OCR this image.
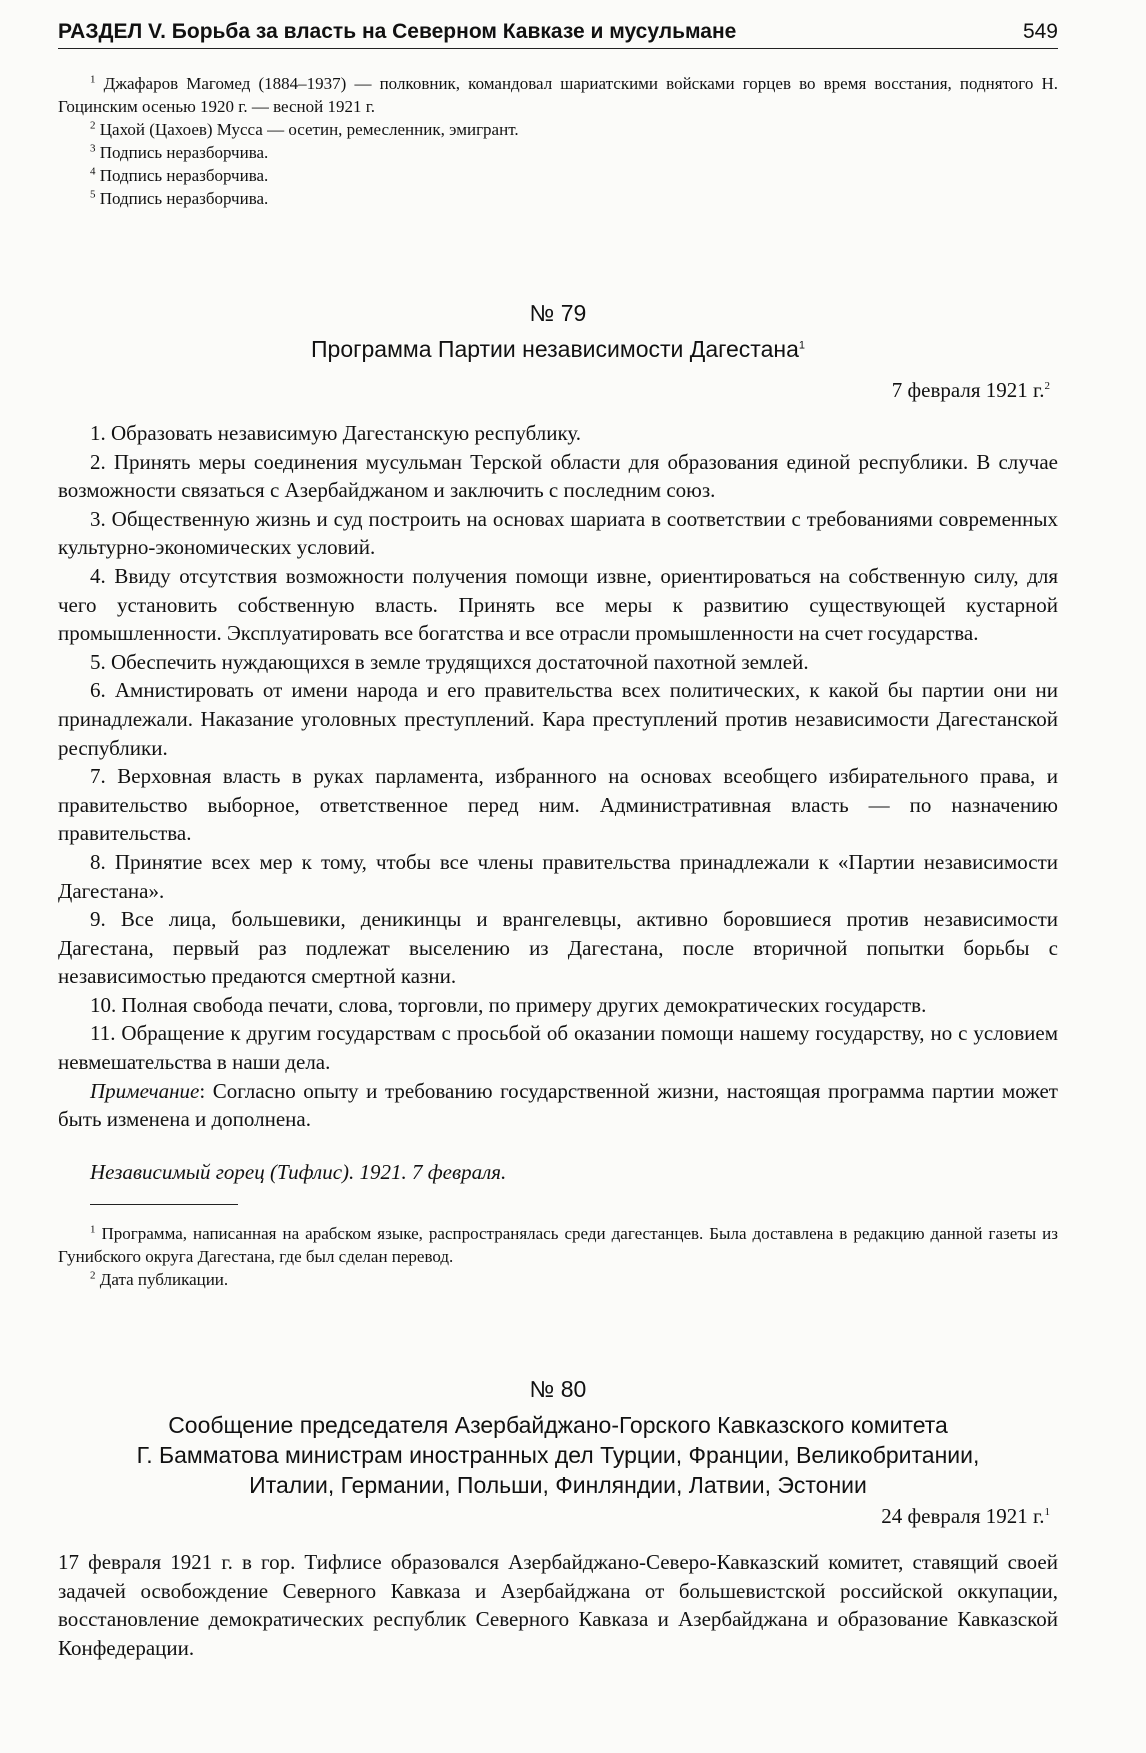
РАЗДЕЛ V. Борьба за власть на Северном Кавказе и мусульмане	549

$^1$ Джафаров Магомед (1884–1937) — полковник, командовал шариатскими войсками горцев во время восстания, поднятого Н. Гоцинским осенью 1920 г. — весной 1921 г.

$^2$ Цахой (Цахоев) Мусса — осетин, ремесленник, эмигрант.

$^3$ Подпись неразборчива.

$^4$ Подпись неразборчива.

$^5$ Подпись неразборчива.

№ 79
Программа Партии независимости Дагестана$^1$
7 февраля 1921 г.$^2$

1. Образовать независимую Дагестанскую республику.

2. Принять меры соединения мусульман Терской области для образования единой республики. В случае возможности связаться с Азербайджаном и заключить с последним союз.

3. Общественную жизнь и суд построить на основах шариата в соответствии с требованиями современных культурно-экономических условий.

4. Ввиду отсутствия возможности получения помощи извне, ориентироваться на собственную силу, для чего установить собственную власть. Принять все меры к развитию существующей кустарной промышленности. Эксплуатировать все богатства и все отрасли промышленности на счет государства.

5. Обеспечить нуждающихся в земле трудящихся достаточной пахотной землей.

6. Амнистировать от имени народа и его правительства всех политических, к какой бы партии они ни принадлежали. Наказание уголовных преступлений. Кара преступлений против независимости Дагестанской республики.

7. Верховная власть в руках парламента, избранного на основах всеобщего избирательного права, и правительство выборное, ответственное перед ним. Административная власть — по назначению правительства.

8. Принятие всех мер к тому, чтобы все члены правительства принадлежали к «Партии независимости Дагестана».

9. Все лица, большевики, деникинцы и врангелевцы, активно боровшиеся против независимости Дагестана, первый раз подлежат выселению из Дагестана, после вторичной попытки борьбы с независимостью предаются смертной казни.

10. Полная свобода печати, слова, торговли, по примеру других демократических государств.

11. Обращение к другим государствам с просьбой об оказании помощи нашему государству, но с условием невмешательства в наши дела.

Примечание: Согласно опыту и требованию государственной жизни, настоящая программа партии может быть изменена и дополнена.

Независимый горец (Тифлис). 1921. 7 февраля.

$^1$ Программа, написанная на арабском языке, распространялась среди дагестанцев. Была доставлена в редакцию данной газеты из Гунибского округа Дагестана, где был сделан перевод.

$^2$ Дата публикации.

№ 80
Сообщение председателя Азербайджано-Горского Кавказского комитета
Г. Бамматова министрам иностранных дел Турции, Франции, Великобритании,
Италии, Германии, Польши, Финляндии, Латвии, Эстонии
24 февраля 1921 г.$^1$
17 февраля 1921 г. в гор. Тифлисе образовался Азербайджано-Северо-Кавказский комитет, ставящий своей задачей освобождение Северного Кавказа и Азербайджана от большевистской российской оккупации, восстановление демократических республик Северного Кавказа и Азербайджана и образование Кавказской Конфедерации.
